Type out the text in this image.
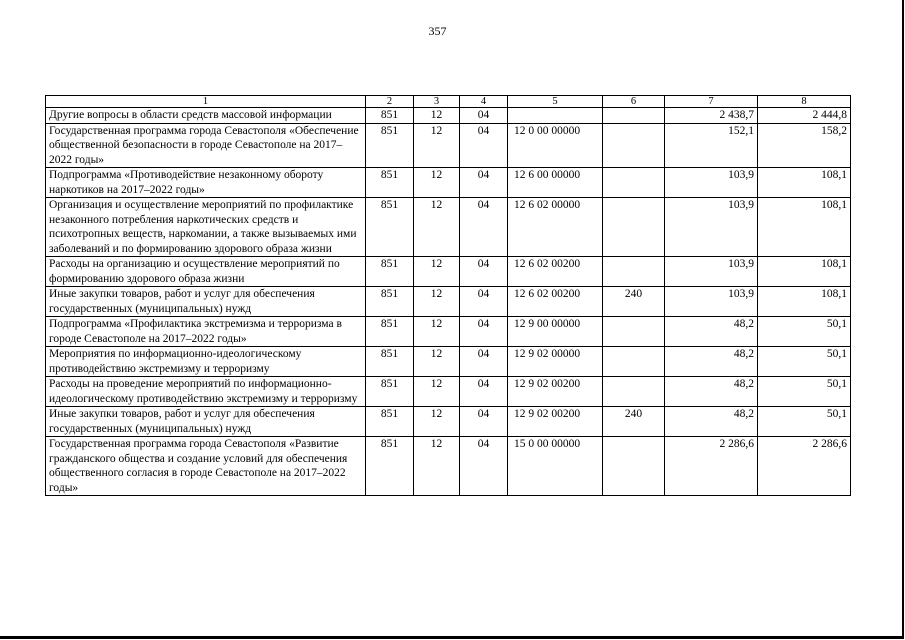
357
1	2	3	4	5	6	7	8
Другие вопросы в области средств массовой информации	851	12	04			2 438,7	2 444,8
Государственная программа города Севастополя «Обеспечение общественной безопасности в городе Севастополе на 2017–2022 годы»	851	12	04	12 0 00 00000		152,1	158,2
Подпрограмма «Противодействие незаконному обороту наркотиков на 2017–2022 годы»	851	12	04	12 6 00 00000		103,9	108,1
Организация и осуществление мероприятий по профилактике незаконного потребления наркотических средств и психотропных веществ, наркомании, а также вызываемых ими заболеваний и по формированию здорового образа жизни	851	12	04	12 6 02 00000		103,9	108,1
Расходы на организацию и осуществление мероприятий по формированию здорового образа жизни	851	12	04	12 6 02 00200		103,9	108,1
Иные закупки товаров, работ и услуг для обеспечения государственных (муниципальных) нужд	851	12	04	12 6 02 00200	240	103,9	108,1
Подпрограмма «Профилактика экстремизма и терроризма в городе Севастополе на 2017–2022 годы»	851	12	04	12 9 00 00000		48,2	50,1
Мероприятия по информационно-идеологическому противодействию экстремизму и терроризму	851	12	04	12 9 02 00000		48,2	50,1
Расходы на проведение мероприятий по информационно-идеологическому противодействию экстремизму и терроризму	851	12	04	12 9 02 00200		48,2	50,1
Иные закупки товаров, работ и услуг для обеспечения государственных (муниципальных) нужд	851	12	04	12 9 02 00200	240	48,2	50,1
Государственная программа города Севастополя «Развитие гражданского общества и создание условий для обеспечения общественного согласия в городе Севастополе на 2017–2022 годы»	851	12	04	15 0 00 00000		2 286,6	2 286,6
